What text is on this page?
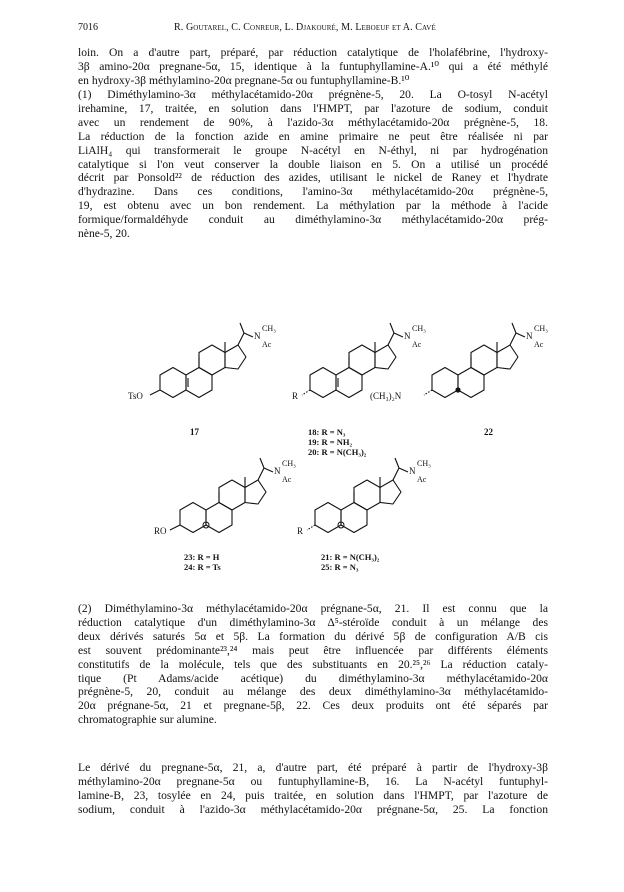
7016	R. Goutarel, C. Conreur, L. Djakouré, M. Leboeuf et A. Cavé
loin. On a d'autre part, préparé, par réduction catalytique de l'holafébrine, l'hydroxy-
3β amino-20α pregnane-5α, 15, identique à la funtuphyllamine-A.¹⁰ qui a été méthylé
en hydroxy-3β méthylamino-20α pregnane-5α ou funtuphyllamine-B.¹⁰
(1) Diméthylamino-3α méthylacétamido-20α prégnène-5, 20. La O-tosyl N-acétyl
irehamine, 17, traitée, en solution dans l'HMPT, par l'azoture de sodium, conduit
avec un rendement de 90%, à l'azido-3α méthylacétamido-20α prégnène-5, 18.
La réduction de la fonction azide en amine primaire ne peut être réalisée ni par
LiAlH₄ qui transformerait le groupe N-acétyl en N-éthyl, ni par hydrogénation
catalytique si l'on veut conserver la double liaison en 5. On a utilisé un procédé
décrit par Ponsold²² de réduction des azides, utilisant le nickel de Raney et l'hydrate
d'hydrazine. Dans ces conditions, l'amino-3α méthylacétamido-20α prégnène-5,
19, est obtenu avec un bon rendement. La méthylation par la méthode à l'acide
formique/formaldéhyde conduit au diméthylamino-3α méthylacétamido-20α prég-
nène-5, 20.
TsO
N
CH₃
Ac
17
R
N
CH₃
Ac
18: R = N₃
19: R = NH₂
20: R = N(CH₃)₂
(CH₃)₂N
N
CH₃
Ac
22
RO
N
CH₃
Ac
23: R = H
24: R = Ts
R
N
CH₃
Ac
21: R = N(CH₃)₂
25: R = N₃
(2) Diméthylamino-3α méthylacétamido-20α prégnane-5α, 21. Il est connu que la
réduction catalytique d'un diméthylamino-3α Δ⁵-stéroïde conduit à un mélange des
deux dérivés saturés 5α et 5β. La formation du dérivé 5β de configuration A/B cis
est souvent prédominante²³,²⁴ mais peut être influencée par différents éléments
constitutifs de la molécule, tels que des substituants en 20.²⁵,²⁶ La réduction cataly-
tique (Pt Adams/acide acétique) du diméthylamino-3α méthylacétamido-20α
prégnène-5, 20, conduit au mélange des deux diméthylamino-3α méthylacétamido-
20α prégnane-5α, 21 et pregnane-5β, 22. Ces deux produits ont été séparés par
chromatographie sur alumine.
Le dérivé du pregnane-5α, 21, a, d'autre part, été préparé à partir de l'hydroxy-3β
méthylamino-20α pregnane-5α ou funtuphyllamine-B, 16. La N-acétyl funtuphyl-
lamine-B, 23, tosylée en 24, puis traitée, en solution dans l'HMPT, par l'azoture de
sodium, conduit à l'azido-3α méthylacétamido-20α prégnane-5α, 25. La fonction
